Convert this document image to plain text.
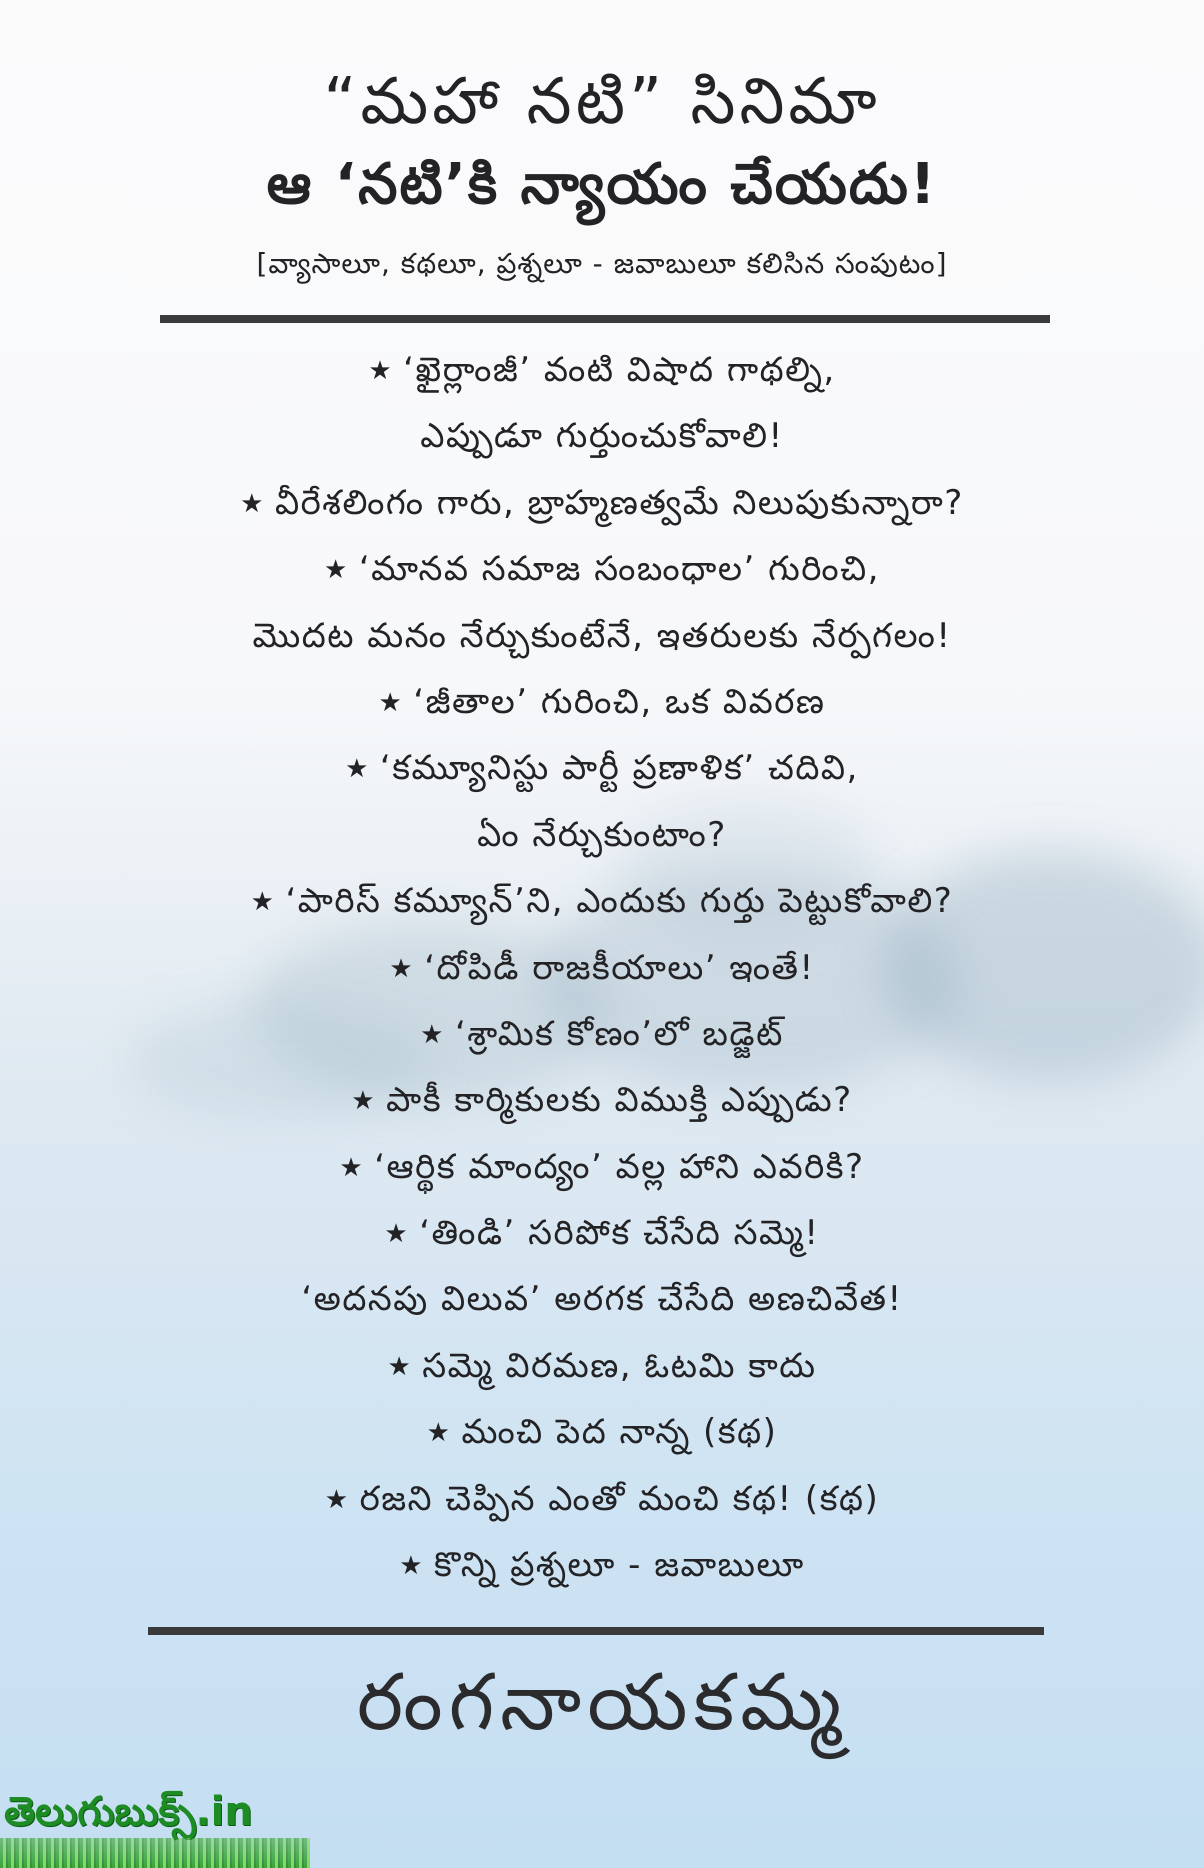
“మహా నటి” సినిమా
ఆ ‘నటి’కి న్యాయం చేయదు!
[వ్యాసాలూ, కథలూ, ప్రశ్నలూ - జవాబులూ కలిసిన సంపుటం]
★ ‘ఖైర్లాంజీ’ వంటి విషాద గాథల్ని,
ఎప్పుడూ గుర్తుంచుకోవాలి!
★ వీరేశలింగం గారు, బ్రాహ్మణత్వమే నిలుపుకున్నారా?
★ ‘మానవ సమాజ సంబంధాల’ గురించి,
మొదట మనం నేర్చుకుంటేనే, ఇతరులకు నేర్పగలం!
★ ‘జీతాల’ గురించి, ఒక వివరణ
★ ‘కమ్యూనిస్టు పార్టీ ప్రణాళిక’ చదివి,
ఏం నేర్చుకుంటాం?
★ ‘పారిస్ కమ్యూన్’ని, ఎందుకు గుర్తు పెట్టుకోవాలి?
★ ‘దోపిడీ రాజకీయాలు’ ఇంతే!
★ ‘శ్రామిక కోణం’లో బడ్జెట్
★ పాకీ కార్మికులకు విముక్తి ఎప్పుడు?
★ ‘ఆర్థిక మాంద్యం’ వల్ల హాని ఎవరికి?
★ ‘తిండి’ సరిపోక చేసేది సమ్మె!
‘అదనపు విలువ’ అరగక చేసేది అణచివేత!
★ సమ్మె విరమణ, ఓటమి కాదు
★ మంచి పెద నాన్న (కథ)
★ రజని చెప్పిన ఎంతో మంచి కథ! (కథ)
★ కొన్ని ప్రశ్నలూ - జవాబులూ
రంగనాయకమ్మ
తెలుగుబుక్స్.in
